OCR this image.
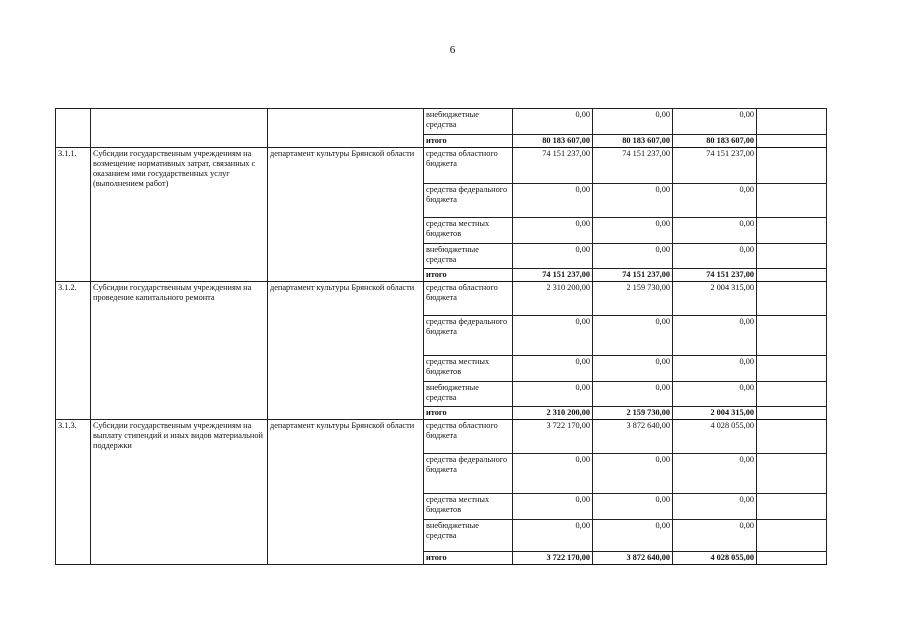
6
			внебюджетные средства	0,00	0,00	0,00	
			итого	80 183 607,00	80 183 607,00	80 183 607,00	
3.1.1.	Субсидии государственным учреждениям на возмещение нормативных затрат, связанных с оказанием ими государственных услуг (выполнением работ)	департамент культуры Брянской области	средства областного бюджета	74 151 237,00	74 151 237,00	74 151 237,00	
			средства федерального бюджета	0,00	0,00	0,00	
			средства местных бюджетов	0,00	0,00	0,00	
			внебюджетные средства	0,00	0,00	0,00	
			итого	74 151 237,00	74 151 237,00	74 151 237,00	
3.1.2.	Субсидии государственным учреждениям на проведение капитального ремонта	департамент культуры Брянской области	средства областного бюджета	2 310 200,00	2 159 730,00	2 004 315,00	
			средства федерального бюджета	0,00	0,00	0,00	
			средства местных бюджетов	0,00	0,00	0,00	
			внебюджетные средства	0,00	0,00	0,00	
			итого	2 310 200,00	2 159 730,00	2 004 315,00	
3.1.3.	Субсидии государственным учреждениям на выплату стипендий и иных видов материальной поддержки	департамент культуры Брянской области	средства областного бюджета	3 722 170,00	3 872 640,00	4 028 055,00	
			средства федерального бюджета	0,00	0,00	0,00	
			средства местных бюджетов	0,00	0,00	0,00	
			внебюджетные средства	0,00	0,00	0,00	
			итого	3 722 170,00	3 872 640,00	4 028 055,00	
